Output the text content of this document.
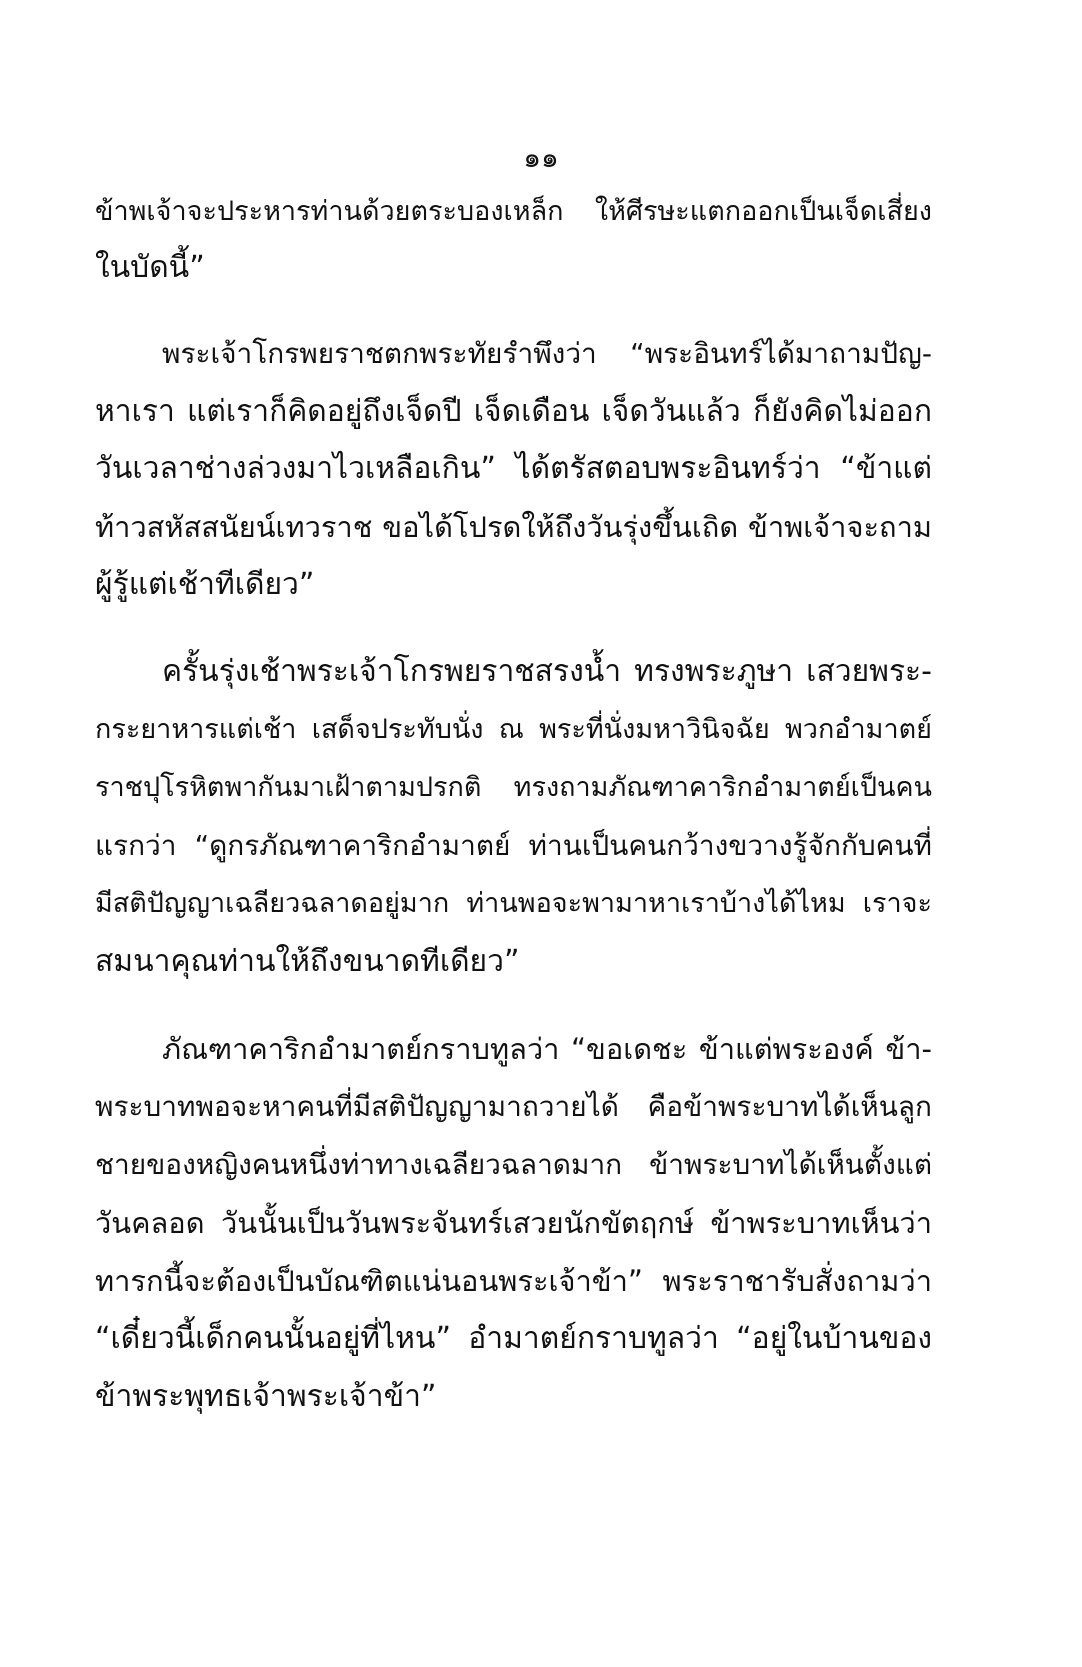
๑๑
ข้าพเจ้าจะประหารท่านด้วยตระบองเหล็ก ให้ศีรษะแตกออกเป็นเจ็ดเสี่ยง
ในบัดนี้”
พระเจ้าโกรพยราชตกพระทัยรำพึงว่า “พระอินทร์ได้มาถามปัญ-
หาเรา แต่เราก็คิดอยู่ถึงเจ็ดปี เจ็ดเดือน เจ็ดวันแล้ว ก็ยังคิดไม่ออก
วันเวลาช่างล่วงมาไวเหลือเกิน” ได้ตรัสตอบพระอินทร์ว่า “ข้าแต่
ท้าวสหัสสนัยน์เทวราช ขอได้โปรดให้ถึงวันรุ่งขึ้นเถิด ข้าพเจ้าจะถาม
ผู้รู้แต่เช้าทีเดียว”
ครั้นรุ่งเช้าพระเจ้าโกรพยราชสรงน้ำ ทรงพระภูษา เสวยพระ-
กระยาหารแต่เช้า เสด็จประทับนั่ง ณ พระที่นั่งมหาวินิจฉัย พวกอำมาตย์
ราชปุโรหิตพากันมาเฝ้าตามปรกติ ทรงถามภัณฑาคาริกอำมาตย์เป็นคน
แรกว่า “ดูกรภัณฑาคาริกอำมาตย์ ท่านเป็นคนกว้างขวางรู้จักกับคนที่
มีสติปัญญาเฉลียวฉลาดอยู่มาก ท่านพอจะพามาหาเราบ้างได้ไหม เราจะ
สมนาคุณท่านให้ถึงขนาดทีเดียว”
ภัณฑาคาริกอำมาตย์กราบทูลว่า “ขอเดชะ ข้าแต่พระองค์ ข้า-
พระบาทพอจะหาคนที่มีสติปัญญามาถวายได้ คือข้าพระบาทได้เห็นลูก
ชายของหญิงคนหนึ่งท่าทางเฉลียวฉลาดมาก ข้าพระบาทได้เห็นตั้งแต่
วันคลอด วันนั้นเป็นวันพระจันทร์เสวยนักขัตฤกษ์ ข้าพระบาทเห็นว่า
ทารกนี้จะต้องเป็นบัณฑิตแน่นอนพระเจ้าข้า” พระราชารับสั่งถามว่า
“เดี๋ยวนี้เด็กคนนั้นอยู่ที่ไหน” อำมาตย์กราบทูลว่า “อยู่ในบ้านของ
ข้าพระพุทธเจ้าพระเจ้าข้า”
